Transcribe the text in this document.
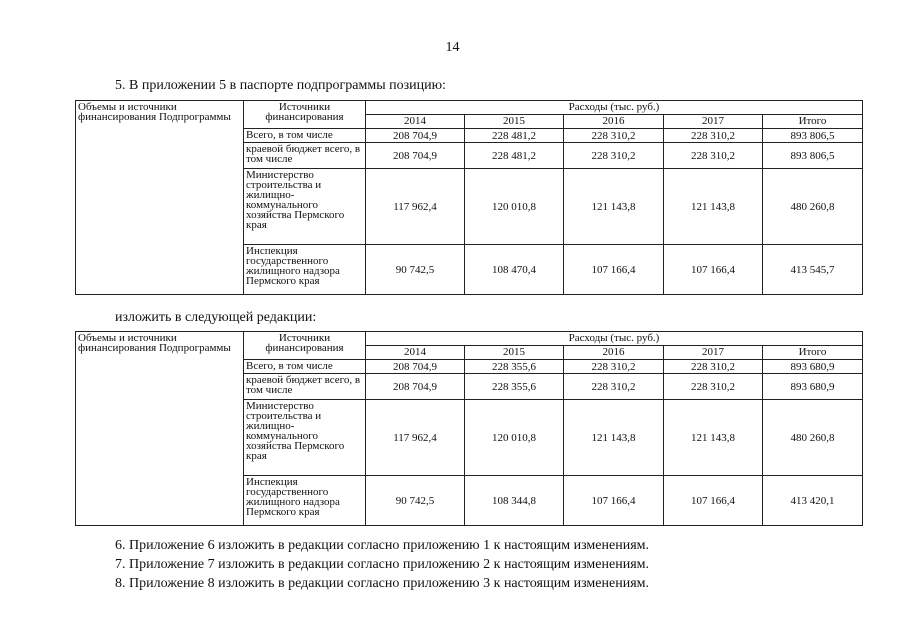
14
5. В приложении 5 в паспорте подпрограммы позицию:
Объемы и источники финансирования Подпрограммы	Источники финансирования	Расходы (тыс. руб.)				
		2014	2015	2016	2017	Итого
	Всего, в том числе	208 704,9	228 481,2	228 310,2	228 310,2	893 806,5
	краевой бюджет всего, в том числе	208 704,9	228 481,2	228 310,2	228 310,2	893 806,5
	Министерство строительства и жилищно-коммунального хозяйства Пермского края	117 962,4	120 010,8	121 143,8	121 143,8	480 260,8
	Инспекция государственного жилищного надзора Пермского края	90 742,5	108 470,4	107 166,4	107 166,4	413 545,7
изложить в следующей редакции:
Объемы и источники финансирования Подпрограммы	Источники финансирования	Расходы (тыс. руб.)				
		2014	2015	2016	2017	Итого
	Всего, в том числе	208 704,9	228 355,6	228 310,2	228 310,2	893 680,9
	краевой бюджет всего, в том числе	208 704,9	228 355,6	228 310,2	228 310,2	893 680,9
	Министерство строительства и жилищно-коммунального хозяйства Пермского края	117 962,4	120 010,8	121 143,8	121 143,8	480 260,8
	Инспекция государственного жилищного надзора Пермского края	90 742,5	108 344,8	107 166,4	107 166,4	413 420,1
6. Приложение 6 изложить в редакции согласно приложению 1 к настоящим изменениям.
7. Приложение 7 изложить в редакции согласно приложению 2 к настоящим изменениям.
8. Приложение 8 изложить в редакции согласно приложению 3 к настоящим изменениям.
